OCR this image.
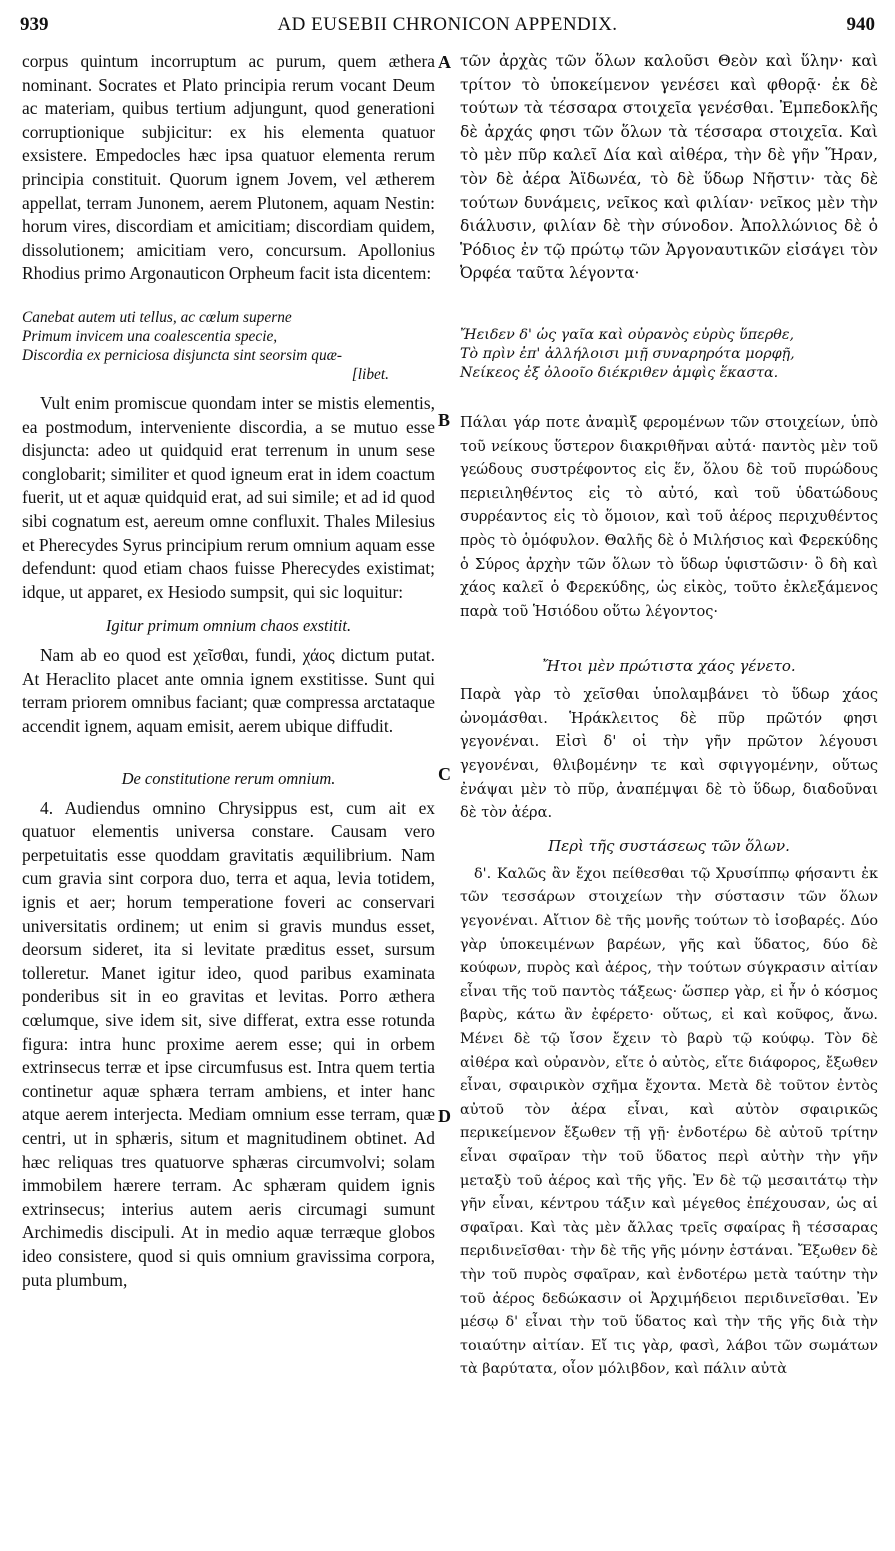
939	AD EUSEBII CHRONICON APPENDIX.	940
A
B
C
D

corpus quintum incorruptum ac purum, quem æthera nominant. Socrates et Plato principia rerum vocant Deum ac materiam, quibus tertium adjungunt, quod generationi corruptionique subjicitur: ex his elementa quatuor exsistere. Empedocles hæc ipsa quatuor elementa rerum principia constituit. Quorum ignem Jovem, vel ætherem appellat, terram Junonem, aerem Plutonem, aquam Nestin: horum vires, discordiam et amicitiam; discordiam quidem, dissolutionem; amicitiam vero, concursum. Apollonius Rhodius primo Argonauticon Orpheum facit ista dicentem:

Canebat autem uti tellus, ac cœlum superne

Primum invicem una coalescentia specie,

Discordia ex perniciosa disjuncta sint seorsim quæ-

[libet.

Vult enim promiscue quondam inter se mistis elementis, ea postmodum, interveniente discordia, a se mutuo esse disjuncta: adeo ut quidquid erat terrenum in unum sese conglobarit; similiter et quod igneum erat in idem coactum fuerit, ut et aquæ quidquid erat, ad sui simile; et ad id quod sibi cognatum est, aereum omne confluxit. Thales Milesius et Pherecydes Syrus principium rerum omnium aquam esse defendunt: quod etiam chaos fuisse Pherecydes existimat; idque, ut apparet, ex Hesiodo sumpsit, qui sic loquitur:

Igitur primum omnium chaos exstitit.

Nam ab eo quod est χεῖσθαι, fundi, χάος dictum putat. At Heraclito placet ante omnia ignem exstitisse. Sunt qui terram priorem omnibus faciant; quæ compressa arctataque accendit ignem, aquam emisit, aerem ubique diffudit.

De constitutione rerum omnium.

4. Audiendus omnino Chrysippus est, cum ait ex quatuor elementis universa constare. Causam vero perpetuitatis esse quoddam gravitatis æquilibrium. Nam cum gravia sint corpora duo, terra et aqua, levia totidem, ignis et aer; horum temperatione foveri ac conservari universitatis ordinem; ut enim si gravis mundus esset, deorsum sideret, ita si levitate præditus esset, sursum tolleretur. Manet igitur ideo, quod paribus examinata ponderibus sit in eo gravitas et levitas. Porro æthera cœlumque, sive idem sit, sive differat, extra esse rotunda figura: intra hunc proxime aerem esse; qui in orbem extrinsecus terræ et ipse circumfusus est. Intra quem tertia continetur aquæ sphæra terram ambiens, et inter hanc atque aerem interjecta. Mediam omnium esse terram, quæ centri, ut in sphæris, situm et magnitudinem obtinet. Ad hæc reliquas tres quatuorve sphæras circumvolvi; solam immobilem hærere terram. Ac sphæram quidem ignis extrinsecus; interius autem aeris circumagi sumunt Archimedis discipuli. At in medio aquæ terræque globos ideo consistere, quod si quis omnium gravissima corpora, puta plumbum,

τῶν ἀρχὰς τῶν ὅλων καλοῦσι Θεὸν καὶ ὕλην· καὶ τρίτον τὸ ὑποκείμενον γενέσει καὶ φθορᾷ· ἐκ δὲ τούτων τὰ τέσσαρα στοιχεῖα γενέσθαι. Ἐμπεδοκλῆς δὲ ἀρχάς φησι τῶν ὅλων τὰ τέσσαρα στοιχεῖα. Καὶ τὸ μὲν πῦρ καλεῖ Δία καὶ αἰθέρα, τὴν δὲ γῆν Ἥραν, τὸν δὲ ἀέρα Ἀϊδωνέα, τὸ δὲ ὕδωρ Νῆστιν· τὰς δὲ τούτων δυνάμεις, νεῖκος καὶ φιλίαν· νεῖκος μὲν τὴν διάλυσιν, φιλίαν δὲ τὴν σύνοδον. Ἀπολλώνιος δὲ ὁ Ῥόδιος ἐν τῷ πρώτῳ τῶν Ἀργοναυτικῶν εἰσάγει τὸν Ὀρφέα ταῦτα λέγοντα·

Ἤειδεν δ' ὡς γαῖα καὶ οὐρανὸς εὐρὺς ὕπερθε,

Τὸ πρὶν ἐπ' ἀλλήλοισι μιῇ συναρηρότα μορφῇ,

Νείκεος ἐξ ὀλοοῖο διέκριθεν ἀμφὶς ἕκαστα.

Πάλαι γάρ ποτε ἀναμὶξ φερομένων τῶν στοιχείων, ὑπὸ τοῦ νείκους ὕστερον διακριθῆναι αὐτά· παντὸς μὲν τοῦ γεώδους συστρέφοντος εἰς ἕν, ὅλου δὲ τοῦ πυρώδους περιειληθέντος εἰς τὸ αὐτό, καὶ τοῦ ὑδατώδους συρρέαντος εἰς τὸ ὅμοιον, καὶ τοῦ ἀέρος περιχυθέντος πρὸς τὸ ὁμόφυλον. Θαλῆς δὲ ὁ Μιλήσιος καὶ Φερεκύδης ὁ Σύρος ἀρχὴν τῶν ὅλων τὸ ὕδωρ ὑφιστῶσιν· ὃ δὴ καὶ χάος καλεῖ ὁ Φερεκύδης, ὡς εἰκὸς, τοῦτο ἐκλεξάμενος παρὰ τοῦ Ἡσιόδου οὕτω λέγοντος·

Ἤτοι μὲν πρώτιστα χάος γένετο.

Παρὰ γὰρ τὸ χεῖσθαι ὑπολαμβάνει τὸ ὕδωρ χάος ὠνομάσθαι. Ἡράκλειτος δὲ πῦρ πρῶτόν φησι γεγονέναι. Εἰσὶ δ' οἱ τὴν γῆν πρῶτον λέγουσι γεγονέναι, θλιβομένην τε καὶ σφιγγομένην, οὕτως ἐνάψαι μὲν τὸ πῦρ, ἀναπέμψαι δὲ τὸ ὕδωρ, διαδοῦναι δὲ τὸν ἀέρα.

Περὶ τῆς συστάσεως τῶν ὅλων.

δ'. Καλῶς ἂν ἔχοι πείθεσθαι τῷ Χρυσίππῳ φήσαντι ἐκ τῶν τεσσάρων στοιχείων τὴν σύστασιν τῶν ὅλων γεγονέναι. Αἴτιον δὲ τῆς μονῆς τούτων τὸ ἰσοβαρές. Δύο γὰρ ὑποκειμένων βαρέων, γῆς καὶ ὕδατος, δύο δὲ κούφων, πυρὸς καὶ ἀέρος, τὴν τούτων σύγκρασιν αἰτίαν εἶναι τῆς τοῦ παντὸς τάξεως· ὥσπερ γὰρ, εἰ ἦν ὁ κόσμος βαρὺς, κάτω ἂν ἐφέρετο· οὕτως, εἰ καὶ κοῦφος, ἄνω. Μένει δὲ τῷ ἴσον ἔχειν τὸ βαρὺ τῷ κούφῳ. Τὸν δὲ αἰθέρα καὶ οὐρανὸν, εἴτε ὁ αὐτὸς, εἴτε διάφορος, ἔξωθεν εἶναι, σφαιρικὸν σχῆμα ἔχοντα. Μετὰ δὲ τοῦτον ἐντὸς αὐτοῦ τὸν ἀέρα εἶναι, καὶ αὐτὸν σφαιρικῶς περικείμενον ἔξωθεν τῇ γῇ· ἐνδοτέρω δὲ αὐτοῦ τρίτην εἶναι σφαῖραν τὴν τοῦ ὕδατος περὶ αὐτὴν τὴν γῆν μεταξὺ τοῦ ἀέρος καὶ τῆς γῆς. Ἐν δὲ τῷ μεσαιτάτῳ τὴν γῆν εἶναι, κέντρου τάξιν καὶ μέγεθος ἐπέχουσαν, ὡς αἱ σφαῖραι. Καὶ τὰς μὲν ἄλλας τρεῖς σφαίρας ἢ τέσσαρας περιδινεῖσθαι· τὴν δὲ τῆς γῆς μόνην ἑστάναι. Ἔξωθεν δὲ τὴν τοῦ πυρὸς σφαῖραν, καὶ ἐνδοτέρω μετὰ ταύτην τὴν τοῦ ἀέρος δεδώκασιν οἱ Ἀρχιμήδειοι περιδινεῖσθαι. Ἐν μέσῳ δ' εἶναι τὴν τοῦ ὕδατος καὶ τὴν τῆς γῆς διὰ τὴν τοιαύτην αἰτίαν. Εἴ τις γὰρ, φασὶ, λάβοι τῶν σωμάτων τὰ βαρύτατα, οἷον μόλιβδον, καὶ πάλιν αὐτὰ
